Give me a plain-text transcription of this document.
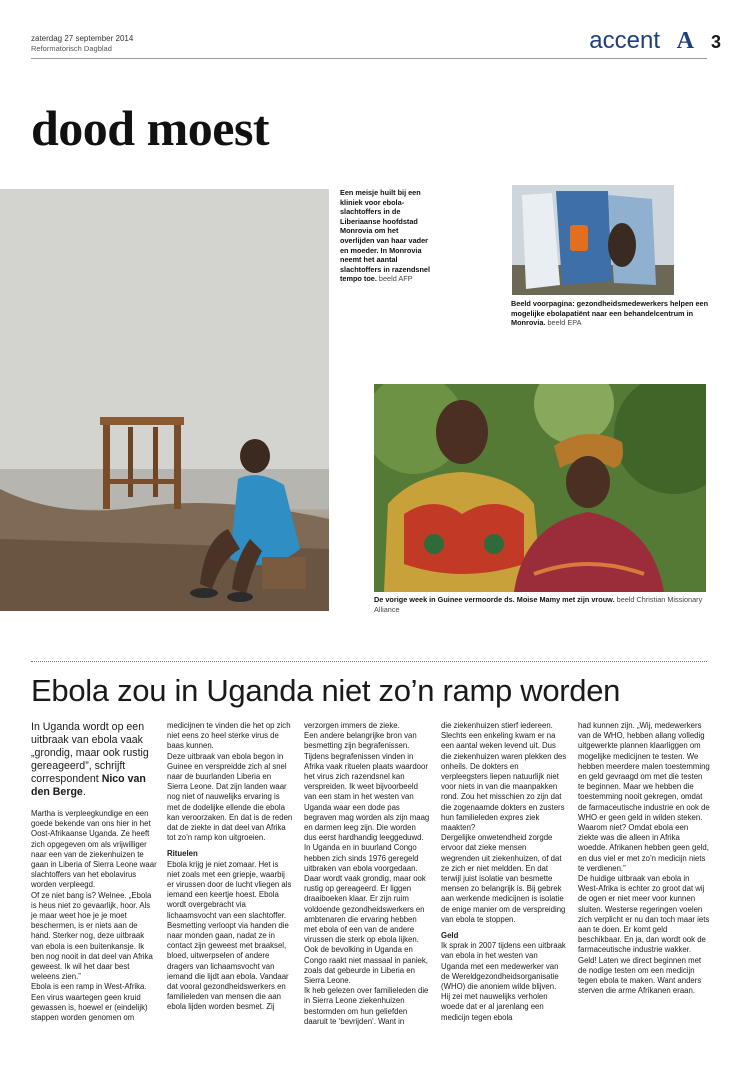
zaterdag 27 september 2014
Reformatorisch Dagblad	accent A 3
dood moest
Een meisje huilt bij een kliniek voor ebola-slachtoffers in de Liberiaanse hoofdstad Monrovia om het overlijden van haar vader en moeder. In Monrovia neemt het aantal slachtoffers in razendsnel tempo toe. beeld AFP
Beeld voorpagina: gezondheidsmedewerkers helpen een mogelijke ebolapatiënt naar een behandelcentrum in Monrovia. beeld EPA
De vorige week in Guinee vermoorde ds. Moise Mamy met zijn vrouw. beeld Christian Missionary Alliance
Ebola zou in Uganda niet zo’n ramp worden
In Uganda wordt op een uitbraak van ebola vaak „grondig, maar ook rustig gereageerd”, schrijft correspondent Nico van den Berge.
Martha is verpleegkundige en een goede bekende van ons hier in het Oost-Afrikaanse Uganda. Ze heeft zich opgegeven om als vrijwilliger naar een van de ziekenhuizen te gaan in Liberia of Sierra Leone waar slachtoffers van het ebolavirus worden verpleegd.
Of ze niet bang is? Welnee. „Ebola is heus niet zo gevaarlijk, hoor. Als je maar weet hoe je je moet beschermen, is er niets aan de hand. Sterker nog, deze uitbraak van ebola is een buitenkansje. Ik ben nog nooit in dat deel van Afrika geweest. Ik wil het daar best weleens zien.”
Ebola is een ramp in West-Afrika. Een virus waartegen geen kruid gewassen is, hoewel er (eindelijk) stappen worden genomen om
medicijnen te vinden die het op zich niet eens zo heel sterke virus de baas kunnen.
Deze uitbraak van ebola begon in Guinee en verspreidde zich al snel naar de buurlanden Liberia en Sierra Leone. Dat zijn landen waar nog niet of nauwelijks ervaring is met de dodelijke ellende die ebola kan veroorzaken. En dat is de reden dat de ziekte in dat deel van Afrika tot zo’n ramp kon uitgroeien.
Rituelen
Ebola krijg je niet zomaar. Het is niet zoals met een griepje, waarbij er virussen door de lucht vliegen als iemand een keertje hoest. Ebola wordt overgebracht via lichaamsvocht van een slachtoffer. Besmetting verloopt via handen die naar monden gaan, nadat ze in contact zijn geweest met braaksel, bloed, uitwerpselen of andere dragers van lichaamsvocht van iemand die lijdt aan ebola. Vandaar dat vooral gezondheidswerkers en familieleden van mensen die aan ebola lijden worden besmet. Zij
verzorgen immers de zieke.
Een andere belangrijke bron van besmetting zijn begrafenissen. Tijdens begrafenissen vinden in Afrika vaak rituelen plaats waardoor het virus zich razendsnel kan verspreiden. Ik weet bijvoorbeeld van een stam in het westen van Uganda waar een dode pas begraven mag worden als zijn maag en darmen leeg zijn. Die worden dus eerst hardhandig leeggeduwd.
In Uganda en in buurland Congo hebben zich sinds 1976 geregeld uitbraken van ebola voorgedaan. Daar wordt vaak grondig, maar ook rustig op gereageerd. Er liggen draaiboeken klaar. Er zijn ruim voldoende gezondheidswerkers en ambtenaren die ervaring hebben met ebola of een van de andere virussen die sterk op ebola lijken. Ook de bevolking in Uganda en Congo raakt niet massaal in paniek, zoals dat gebeurde in Liberia en Sierra Leone.
Ik heb gelezen over familieleden die in Sierra Leone ziekenhuizen bestormden om hun geliefden daaruit te ‘bevrijden’. Want in
die ziekenhuizen stierf iedereen. Slechts een enkeling kwam er na een aantal weken levend uit. Dus die ziekenhuizen waren plekken des onheils. De dokters en verpleegsters liepen natuurlijk niet voor niets in van die maanpakken rond. Zou het misschien zo zijn dat die zogenaamde dokters en zusters hun familieleden expres ziek maakten?
Dergelijke onwetendheid zorgde ervoor dat zieke mensen wegrenden uit ziekenhuizen, of dat ze zich er niet meldden. En dat terwijl juist isolatie van besmette mensen zo belangrijk is. Bij gebrek aan werkende medicijnen is isolatie de enige manier om de verspreiding van ebola te stoppen.
Geld
Ik sprak in 2007 tijdens een uitbraak van ebola in het westen van Uganda met een medewerker van de Wereldgezondheidsorganisatie (WHO) die anoniem wilde blijven. Hij zei met nauwelijks verholen woede dat er al jarenlang een medicijn tegen ebola
had kunnen zijn. „Wij, medewerkers van de WHO, hebben allang volledig uitgewerkte plannen klaarliggen om mogelijke medicijnen te testen. We hebben meerdere malen toestemming en geld gevraagd om met die testen te beginnen. Maar we hebben die toestemming nooit gekregen, omdat de farmaceutische industrie en ook de WHO er geen geld in wilden steken. Waarom niet? Omdat ebola een ziekte was die alleen in Afrika woedde. Afrikanen hebben geen geld, en dus viel er met zo’n medicijn niets te verdienen.”
De huidige uitbraak van ebola in West-Afrika is echter zo groot dat wij de ogen er niet meer voor kunnen sluiten. Westerse regeringen voelen zich verplicht er nu dan toch maar iets aan te doen. Er komt geld beschikbaar. En ja, dan wordt ook de farmaceutische industrie wakker. Geld! Laten we direct beginnen met de nodige testen om een medicijn tegen ebola te maken. Want anders sterven die arme Afrikanen eraan.
